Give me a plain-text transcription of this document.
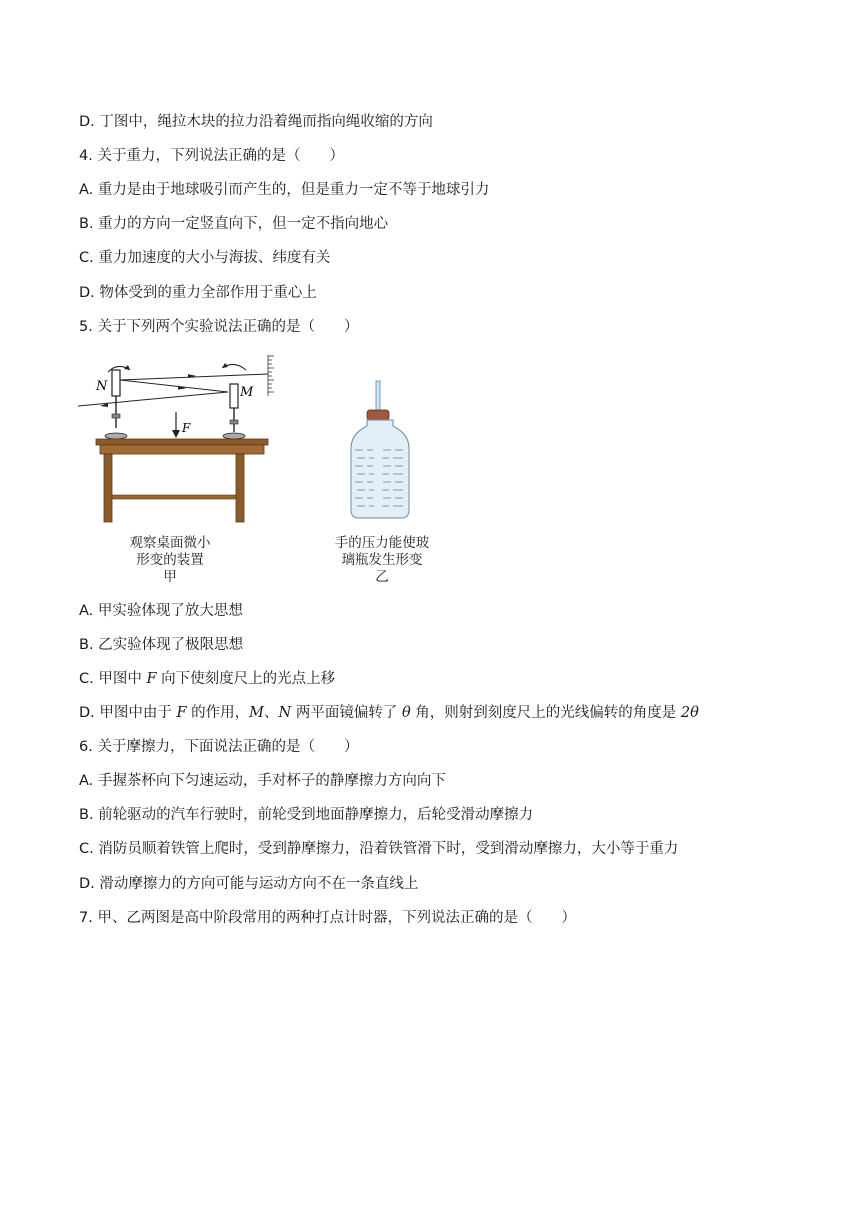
D. 丁图中，绳拉木块的拉力沿着绳而指向绳收缩的方向
4. 关于重力，下列说法正确的是（　　）
A. 重力是由于地球吸引而产生的，但是重力一定不等于地球引力
B. 重力的方向一定竖直向下，但一定不指向地心
C. 重力加速度的大小与海拔、纬度有关
D. 物体受到的重力全部作用于重心上
5. 关于下列两个实验说法正确的是（　　）
N	M
F
观察桌面微小
形变的装置
甲
手的压力能使玻
璃瓶发生形变
乙
A. 甲实验体现了放大思想
B. 乙实验体现了极限思想
C. 甲图中 F 向下使刻度尺上的光点上移
D. 甲图中由于 F 的作用，M、N 两平面镜偏转了 θ 角，则射到刻度尺上的光线偏转的角度是 2θ
6. 关于摩擦力，下面说法正确的是（　　）
A. 手握茶杯向下匀速运动，手对杯子的静摩擦力方向向下
B. 前轮驱动的汽车行驶时，前轮受到地面静摩擦力，后轮受滑动摩擦力
C. 消防员顺着铁管上爬时，受到静摩擦力，沿着铁管滑下时，受到滑动摩擦力，大小等于重力
D. 滑动摩擦力的方向可能与运动方向不在一条直线上
7. 甲、乙两图是高中阶段常用的两种打点计时器，下列说法正确的是（　　）
